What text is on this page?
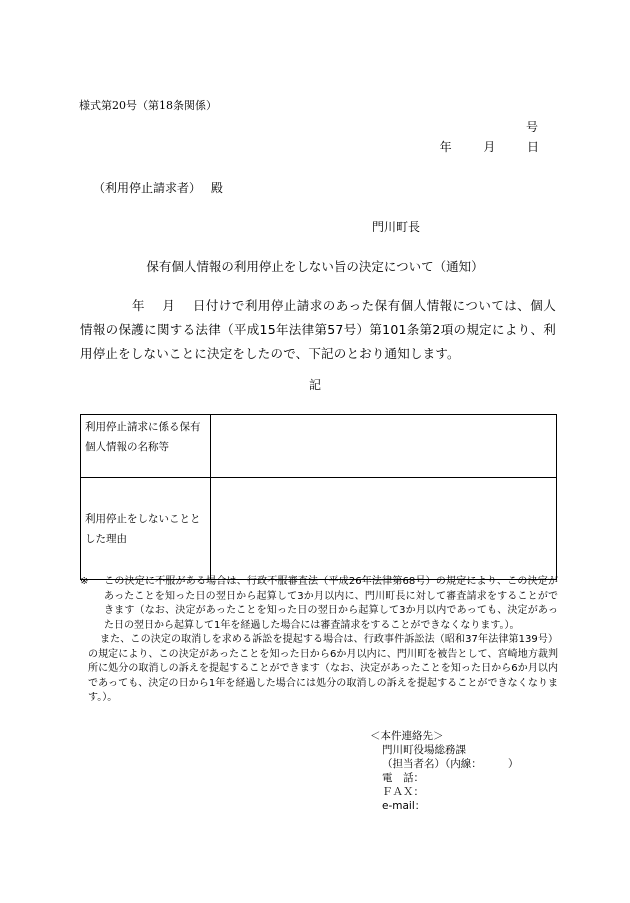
様式第20号（第18条関係）
号
年	月	日
（利用停止請求者）　 殿
門川町長
保有個人情報の利用停止をしない旨の決定について（通知）
　　　　年　 月　 日付けで利用停止請求のあった保有個人情報については、個人情報の保護に関する法律（平成15年法律第57号）第101条第2項の規定により、利用停止をしないことに決定をしたので、下記のとおり通知します。
記
利用停止請求に係る保有個人情報の名称等	
利用停止をしないこととした理由	
※ この決定に不服がある場合は、行政不服審査法（平成26年法律第68号）の規定により、この決定があったことを知った日の翌日から起算して3か月以内に、門川町長に対して審査請求をすることができます（なお、決定があったことを知った日の翌日から起算して3か月以内であっても、決定があった日の翌日から起算して1年を経過した場合には審査請求をすることができなくなります。）。
また、この決定の取消しを求める訴訟を提起する場合は、行政事件訴訟法（昭和37年法律第139号）の規定により、この決定があったことを知った日から6か月以内に、門川町を被告として、宮崎地方裁判所に処分の取消しの訴えを提起することができます（なお、決定があったことを知った日から6か月以内であっても、決定の日から1年を経過した場合には処分の取消しの訴えを提起することができなくなります。）。
＜本件連絡先＞
門川町役場総務課
（担当者名）（内線：　　　）
電　話：
ＦＡＸ：
e-mail：
